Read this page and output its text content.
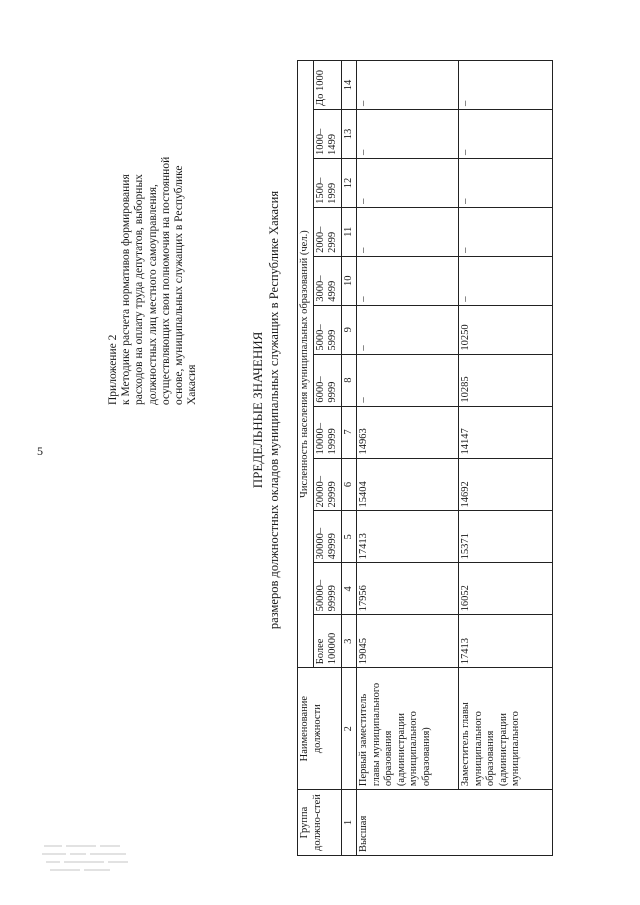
5
Приложение 2 к Методике расчета нормативов формирования расходов на оплату труда депутатов, выборных должностных лиц местного самоуправления, осуществляющих свои полномочия на постоянной основе, муниципальных служащих в Республике Хакасия	ПРЕДЕЛЬНЫЕ ЗНАЧЕНИЯ размеров должностных окладов муниципальных служащих в Республике Хакасия
Группа должно-стей	Наименование должности	Численность населения муниципальных образований (чел.)											
		Более 100000	50000– 99999	30000– 49999	20000– 29999	10000– 19999	6000– 9999	5000– 5999	3000– 4999	2000– 2999	1500– 1999	1000– 1499	До 1000
1	2	3	4	5	6	7	8	9	10	11	12	13	14
Высшая	Первый заместитель главы муниципального образования (администрации муниципального образования)	19045	17956	17413	15404	14963	–	–	–	–	–	–	–
	Заместитель главы муниципального образования (администрации муниципального	17413	16052	15371	14692	14147	10285	10250	–	–	–	–	–
